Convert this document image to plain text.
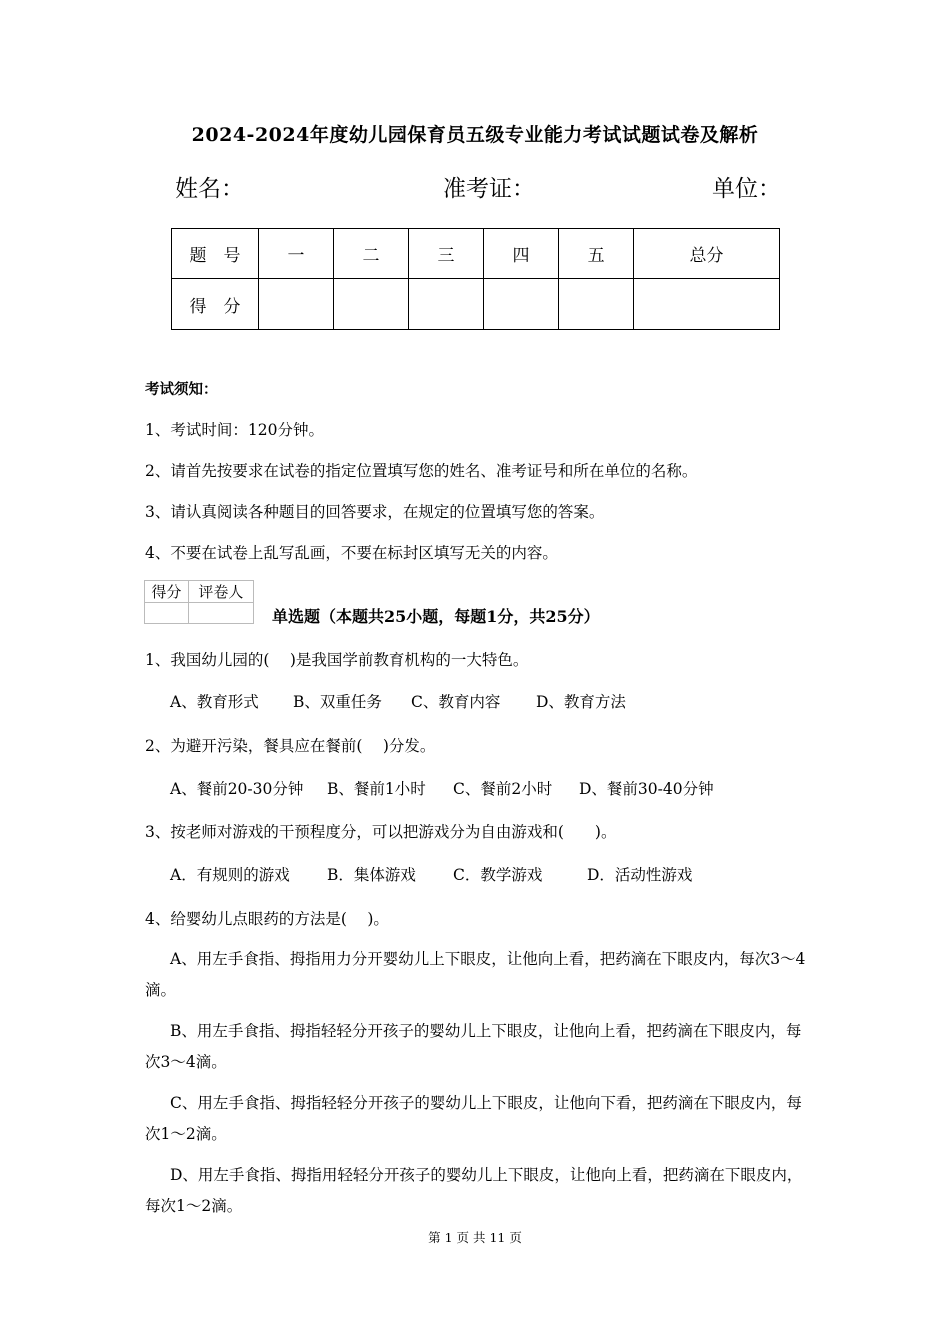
2024-2024年度幼儿园保育员五级专业能力考试试题试卷及解析
姓名：	准考证：	单位：
题　号	一	二	三	四	五	总分
得　分						
考试须知：
1、考试时间：120分钟。
2、请首先按要求在试卷的指定位置填写您的姓名、准考证号和所在单位的名称。
3、请认真阅读各种题目的回答要求，在规定的位置填写您的答案。
4、不要在试卷上乱写乱画，不要在标封区填写无关的内容。
得分	评卷人

单选题（本题共25小题，每题1分，共25分）
1、我国幼儿园的(　 )是我国学前教育机构的一大特色。
A、教育形式 B、双重任务 C、教育内容 D、教育方法
2、为避开污染，餐具应在餐前(　 )分发。
A、餐前20-30分钟 B、餐前1小时 C、餐前2小时 D、餐前30-40分钟
3、按老师对游戏的干预程度分，可以把游戏分为自由游戏和(　　)。
A．有规则的游戏 B．集体游戏 C．教学游戏	D．活动性游戏
4、给婴幼儿点眼药的方法是(　 )。
A、用左手食指、拇指用力分开婴幼儿上下眼皮，让他向上看，把药滴在下眼皮内，每次3～4滴。
B、用左手食指、拇指轻轻分开孩子的婴幼儿上下眼皮，让他向上看，把药滴在下眼皮内，每次3～4滴。
C、用左手食指、拇指轻轻分开孩子的婴幼儿上下眼皮，让他向下看，把药滴在下眼皮内，每次1～2滴。
D、用左手食指、拇指用轻轻分开孩子的婴幼儿上下眼皮，让他向上看，把药滴在下眼皮内，每次1～2滴。
第 1 页 共 11 页
